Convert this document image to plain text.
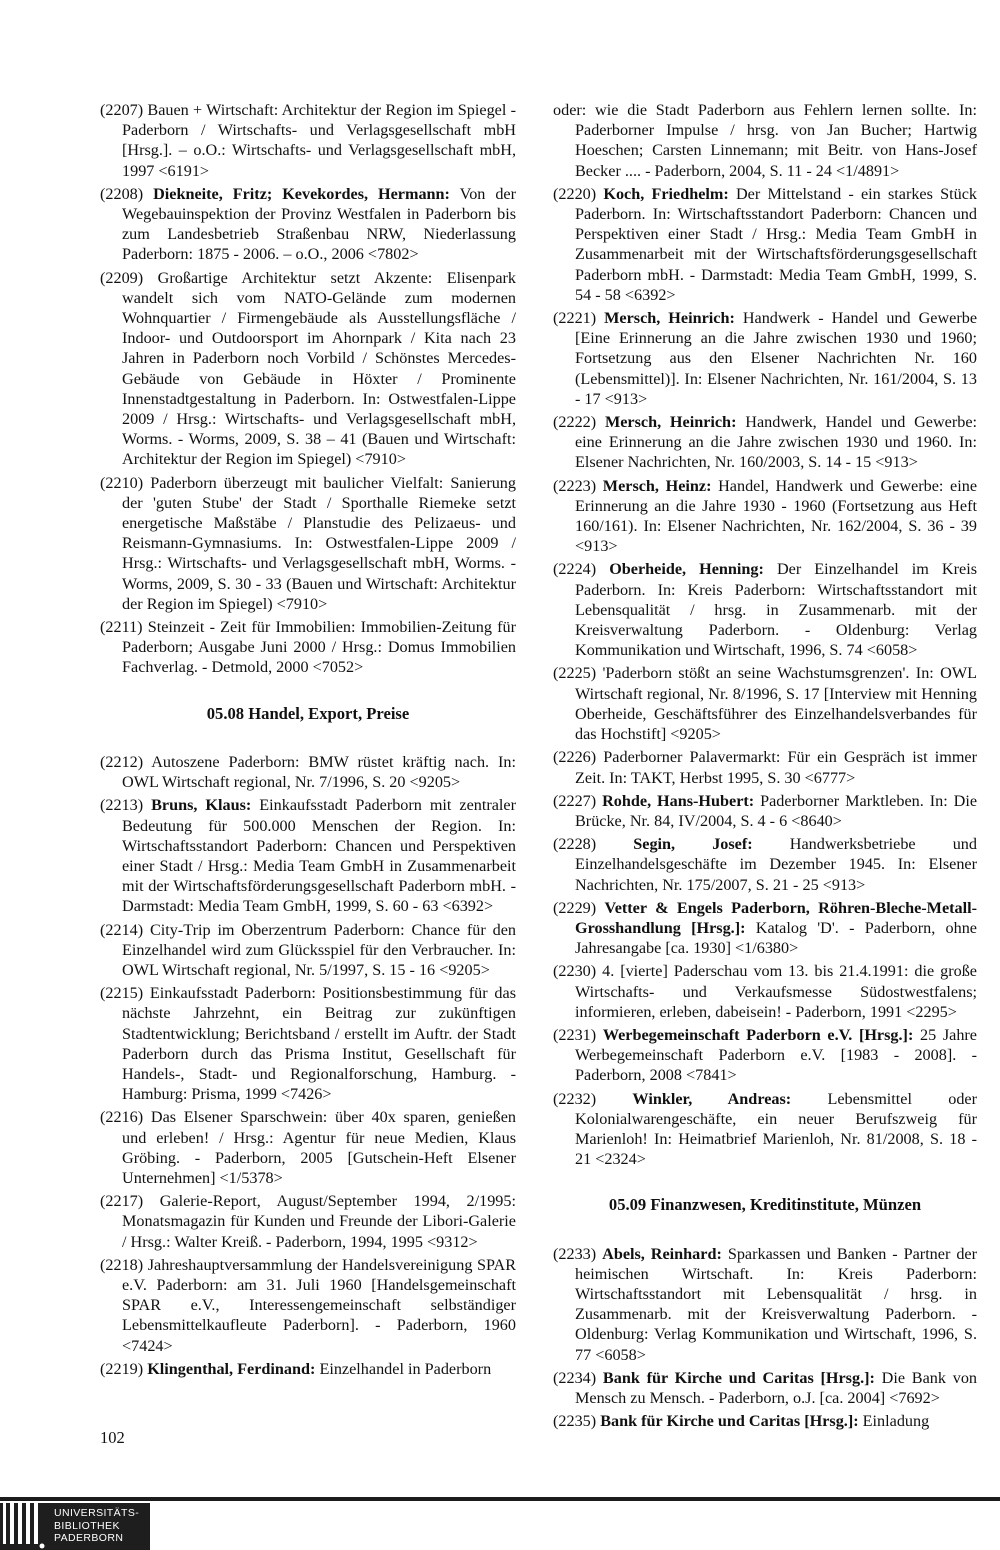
(2207) Bauen + Wirtschaft: Architektur der Region im Spiegel - Paderborn / Wirtschafts- und Verlagsgesellschaft mbH [Hrsg.]. – o.O.: Wirtschafts- und Verlagsgesellschaft mbH, 1997 <6191>
(2208) Diekneite, Fritz; Kevekordes, Hermann: Von der Wegebauinspektion der Provinz Westfalen in Paderborn bis zum Landesbetrieb Straßenbau NRW, Niederlassung Paderborn: 1875 - 2006. – o.O., 2006 <7802>
(2209) Großartige Architektur setzt Akzente: Elisenpark wandelt sich vom NATO-Gelände zum modernen Wohnquartier / Firmengebäude als Ausstellungsfläche / Indoor- und Outdoorsport im Ahornpark / Kita nach 23 Jahren in Paderborn noch Vorbild / Schönstes Mercedes-Gebäude von Gebäude in Höxter / Prominente Innenstadtgestaltung in Paderborn. In: Ostwestfalen-Lippe 2009 / Hrsg.: Wirtschafts- und Verlagsgesellschaft mbH, Worms. - Worms, 2009, S. 38 – 41 (Bauen und Wirtschaft: Architektur der Region im Spiegel) <7910>
(2210) Paderborn überzeugt mit baulicher Vielfalt: Sanierung der 'guten Stube' der Stadt / Sporthalle Riemeke setzt energetische Maßstäbe / Planstudie des Pelizaeus- und Reismann-Gymnasiums. In: Ostwestfalen-Lippe 2009 / Hrsg.: Wirtschafts- und Verlagsgesellschaft mbH, Worms. - Worms, 2009, S. 30 - 33 (Bauen und Wirtschaft: Architektur der Region im Spiegel) <7910>
(2211) Steinzeit - Zeit für Immobilien: Immobilien-Zeitung für Paderborn; Ausgabe Juni 2000 / Hrsg.: Domus Immobilien Fachverlag. - Detmold, 2000 <7052>
05.08 Handel, Export, Preise
(2212) Autoszene Paderborn: BMW rüstet kräftig nach. In: OWL Wirtschaft regional, Nr. 7/1996, S. 20 <9205>
(2213) Bruns, Klaus: Einkaufsstadt Paderborn mit zentraler Bedeutung für 500.000 Menschen der Region. In: Wirtschaftsstandort Paderborn: Chancen und Perspektiven einer Stadt / Hrsg.: Media Team GmbH in Zusammenarbeit mit der Wirtschaftsförderungsgesellschaft Paderborn mbH. - Darmstadt: Media Team GmbH, 1999, S. 60 - 63 <6392>
(2214) City-Trip im Oberzentrum Paderborn: Chance für den Einzelhandel wird zum Glücksspiel für den Verbraucher. In: OWL Wirtschaft regional, Nr. 5/1997, S. 15 - 16 <9205>
(2215) Einkaufsstadt Paderborn: Positionsbestimmung für das nächste Jahrzehnt, ein Beitrag zur zukünftigen Stadtentwicklung; Berichtsband / erstellt im Auftr. der Stadt Paderborn durch das Prisma Institut, Gesellschaft für Handels-, Stadt- und Regionalforschung, Hamburg. - Hamburg: Prisma, 1999 <7426>
(2216) Das Elsener Sparschwein: über 40x sparen, genießen und erleben! / Hrsg.: Agentur für neue Medien, Klaus Gröbing. - Paderborn, 2005 [Gutschein-Heft Elsener Unternehmen] <1/5378>
(2217) Galerie-Report, August/September 1994, 2/1995: Monatsmagazin für Kunden und Freunde der Libori-Galerie / Hrsg.: Walter Kreiß. - Paderborn, 1994, 1995 <9312>
(2218) Jahreshauptversammlung der Handelsvereinigung SPAR e.V. Paderborn: am 31. Juli 1960 [Handelsgemeinschaft SPAR e.V., Interessengemeinschaft selbständiger Lebensmittelkaufleute Paderborn]. - Paderborn, 1960 <7424>
(2219) Klingenthal, Ferdinand: Einzelhandel in Paderborn
oder: wie die Stadt Paderborn aus Fehlern lernen sollte. In: Paderborner Impulse / hrsg. von Jan Bucher; Hartwig Hoeschen; Carsten Linnemann; mit Beitr. von Hans-Josef Becker .... - Paderborn, 2004, S. 11 - 24 <1/4891>
(2220) Koch, Friedhelm: Der Mittelstand - ein starkes Stück Paderborn. In: Wirtschaftsstandort Paderborn: Chancen und Perspektiven einer Stadt / Hrsg.: Media Team GmbH in Zusammenarbeit mit der Wirtschaftsförderungsgesellschaft Paderborn mbH. - Darmstadt: Media Team GmbH, 1999, S. 54 - 58 <6392>
(2221) Mersch, Heinrich: Handwerk - Handel und Gewerbe [Eine Erinnerung an die Jahre zwischen 1930 und 1960; Fortsetzung aus den Elsener Nachrichten Nr. 160 (Lebensmittel)]. In: Elsener Nachrichten, Nr. 161/2004, S. 13 - 17 <913>
(2222) Mersch, Heinrich: Handwerk, Handel und Gewerbe: eine Erinnerung an die Jahre zwischen 1930 und 1960. In: Elsener Nachrichten, Nr. 160/2003, S. 14 - 15 <913>
(2223) Mersch, Heinz: Handel, Handwerk und Gewerbe: eine Erinnerung an die Jahre 1930 - 1960 (Fortsetzung aus Heft 160/161). In: Elsener Nachrichten, Nr. 162/2004, S. 36 - 39 <913>
(2224) Oberheide, Henning: Der Einzelhandel im Kreis Paderborn. In: Kreis Paderborn: Wirtschaftsstandort mit Lebensqualität / hrsg. in Zusammenarb. mit der Kreisverwaltung Paderborn. - Oldenburg: Verlag Kommunikation und Wirtschaft, 1996, S. 74 <6058>
(2225) 'Paderborn stößt an seine Wachstumsgrenzen'. In: OWL Wirtschaft regional, Nr. 8/1996, S. 17 [Interview mit Henning Oberheide, Geschäftsführer des Einzelhandelsverbandes für das Hochstift] <9205>
(2226) Paderborner Palavermarkt: Für ein Gespräch ist immer Zeit. In: TAKT, Herbst 1995, S. 30 <6777>
(2227) Rohde, Hans-Hubert: Paderborner Marktleben. In: Die Brücke, Nr. 84, IV/2004, S. 4 - 6 <8640>
(2228) Segin, Josef: Handwerksbetriebe und Einzelhandelsgeschäfte im Dezember 1945. In: Elsener Nachrichten, Nr. 175/2007, S. 21 - 25 <913>
(2229) Vetter & Engels Paderborn, Röhren-Bleche-Metall-Grosshandlung [Hrsg.]: Katalog 'D'. - Paderborn, ohne Jahresangabe [ca. 1930] <1/6380>
(2230) 4. [vierte] Paderschau vom 13. bis 21.4.1991: die große Wirtschafts- und Verkaufsmesse Südostwestfalens; informieren, erleben, dabeisein! - Paderborn, 1991 <2295>
(2231) Werbegemeinschaft Paderborn e.V. [Hrsg.]: 25 Jahre Werbegemeinschaft Paderborn e.V. [1983 - 2008]. - Paderborn, 2008 <7841>
(2232) Winkler, Andreas: Lebensmittel oder Kolonialwarengeschäfte, ein neuer Berufszweig für Marienloh! In: Heimatbrief Marienloh, Nr. 81/2008, S. 18 - 21 <2324>
05.09 Finanzwesen, Kreditinstitute, Münzen
(2233) Abels, Reinhard: Sparkassen und Banken - Partner der heimischen Wirtschaft. In: Kreis Paderborn: Wirtschaftsstandort mit Lebensqualität / hrsg. in Zusammenarb. mit der Kreisverwaltung Paderborn. - Oldenburg: Verlag Kommunikation und Wirtschaft, 1996, S. 77 <6058>
(2234) Bank für Kirche und Caritas [Hrsg.]: Die Bank von Mensch zu Mensch. - Paderborn, o.J. [ca. 2004] <7692>
(2235) Bank für Kirche und Caritas [Hrsg.]: Einladung
102
UNIVERSITÄTS-
BIBLIOTHEK
PADERBORN
